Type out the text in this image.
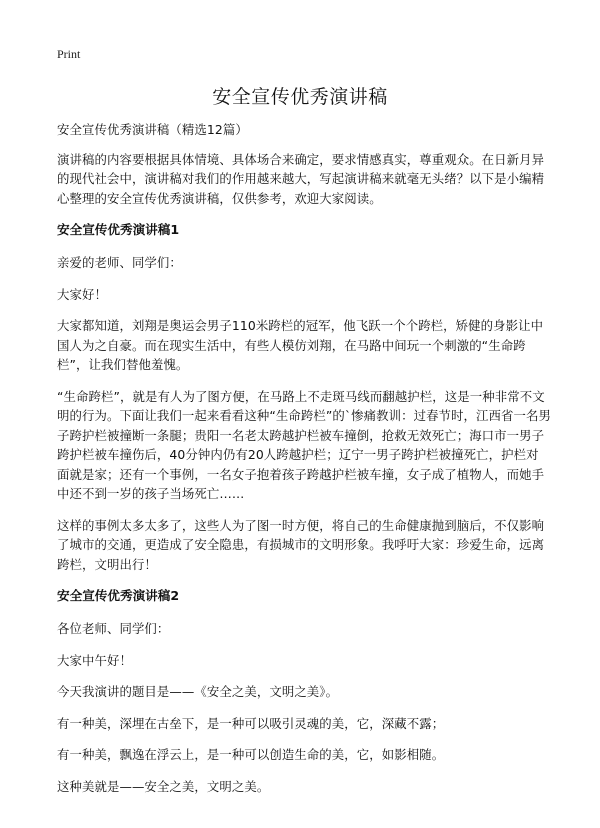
Print
安全宣传优秀演讲稿
安全宣传优秀演讲稿（精选12篇）
演讲稿的内容要根据具体情境、具体场合来确定，要求情感真实，尊重观众。在日新月异的现代社会中，演讲稿对我们的作用越来越大，写起演讲稿来就毫无头绪？以下是小编精心整理的安全宣传优秀演讲稿，仅供参考，欢迎大家阅读。
安全宣传优秀演讲稿1
亲爱的老师、同学们：
大家好！
大家都知道，刘翔是奥运会男子110米跨栏的冠军，他飞跃一个个跨栏，矫健的身影让中国人为之自豪。而在现实生活中，有些人模仿刘翔，在马路中间玩一个刺激的“生命跨栏”，让我们替他羞愧。
“生命跨栏”，就是有人为了图方便，在马路上不走斑马线而翻越护栏，这是一种非常不文明的行为。下面让我们一起来看看这种“生命跨栏”的`惨痛教训：过春节时，江西省一名男子跨护栏被撞断一条腿；贵阳一名老太跨越护栏被车撞倒，抢救无效死亡；海口市一男子跨护栏被车撞伤后，40分钟内仍有20人跨越护栏；辽宁一男子跨护栏被撞死亡，护栏对面就是家；还有一个事例，一名女子抱着孩子跨越护栏被车撞，女子成了植物人，而她手中还不到一岁的孩子当场死亡……
这样的事例太多太多了，这些人为了图一时方便，将自己的生命健康抛到脑后，不仅影响了城市的交通，更造成了安全隐患，有损城市的文明形象。我呼吁大家：珍爱生命，远离跨栏，文明出行！
安全宣传优秀演讲稿2
各位老师、同学们：
大家中午好！
今天我演讲的题目是——《安全之美，文明之美》。
有一种美，深埋在古垒下，是一种可以吸引灵魂的美，它，深藏不露；
有一种美，飘逸在浮云上，是一种可以创造生命的美，它，如影相随。
这种美就是——安全之美，文明之美。
